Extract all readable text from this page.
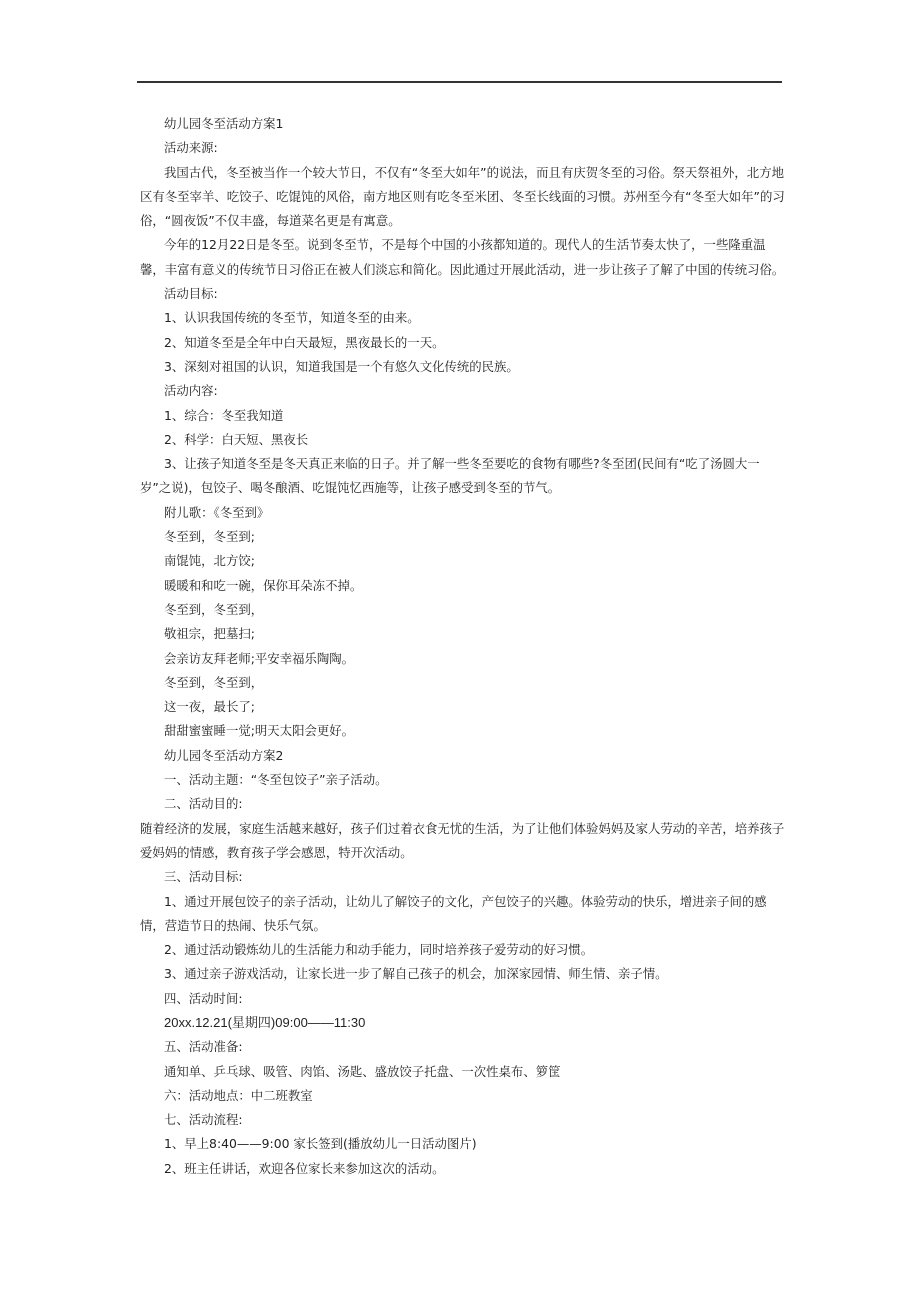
幼儿园冬至活动方案1

活动来源:

我国古代，冬至被当作一个较大节日，不仅有“冬至大如年”的说法，而且有庆贺冬至的习俗。祭天祭祖外，北方地区有冬至宰羊、吃饺子、吃馄饨的风俗，南方地区则有吃冬至米团、冬至长线面的习惯。苏州至今有“冬至大如年”的习俗，“圆夜饭”不仅丰盛，每道菜名更是有寓意。

今年的12月22日是冬至。说到冬至节，不是每个中国的小孩都知道的。现代人的生活节奏太快了，一些隆重温馨，丰富有意义的传统节日习俗正在被人们淡忘和简化。因此通过开展此活动，进一步让孩子了解了中国的传统习俗。

活动目标:

1、认识我国传统的冬至节，知道冬至的由来。

2、知道冬至是全年中白天最短，黑夜最长的一天。

3、深刻对祖国的认识，知道我国是一个有悠久文化传统的民族。

活动内容:

1、综合：冬至我知道

2、科学：白天短、黑夜长

3、让孩子知道冬至是冬天真正来临的日子。并了解一些冬至要吃的食物有哪些?冬至团(民间有“吃了汤圆大一岁”之说)，包饺子、喝冬酿酒、吃馄饨忆西施等，让孩子感受到冬至的节气。

附儿歌：《冬至到》

冬至到，冬至到;

南馄饨，北方饺;

暖暖和和吃一碗，保你耳朵冻不掉。

冬至到，冬至到，

敬祖宗，把墓扫;

会亲访友拜老师;平安幸福乐陶陶。

冬至到，冬至到，

这一夜，最长了;

甜甜蜜蜜睡一觉;明天太阳会更好。

幼儿园冬至活动方案2

一、活动主题：“冬至包饺子”亲子活动。

二、活动目的:

随着经济的发展，家庭生活越来越好，孩子们过着衣食无忧的生活，为了让他们体验妈妈及家人劳动的辛苦，培养孩子爱妈妈的情感，教育孩子学会感恩，特开次活动。

三、活动目标:

1、通过开展包饺子的亲子活动，让幼儿了解饺子的文化，产包饺子的兴趣。体验劳动的快乐，增进亲子间的感情，营造节日的热闹、快乐气氛。

2、通过活动锻炼幼儿的生活能力和动手能力，同时培养孩子爱劳动的好习惯。

3、通过亲子游戏活动，让家长进一步了解自己孩子的机会，加深家园情、师生情、亲子情。

四、活动时间:

20xx.12.21(星期四)09:00——11:30

五、活动准备:

通知单、乒乓球、吸管、肉馅、汤匙、盛放饺子托盘、一次性桌布、箩筐

六：活动地点：中二班教室

七、活动流程:

1、早上8:40——9:00 家长签到(播放幼儿一日活动图片)

2、班主任讲话，欢迎各位家长来参加这次的活动。
